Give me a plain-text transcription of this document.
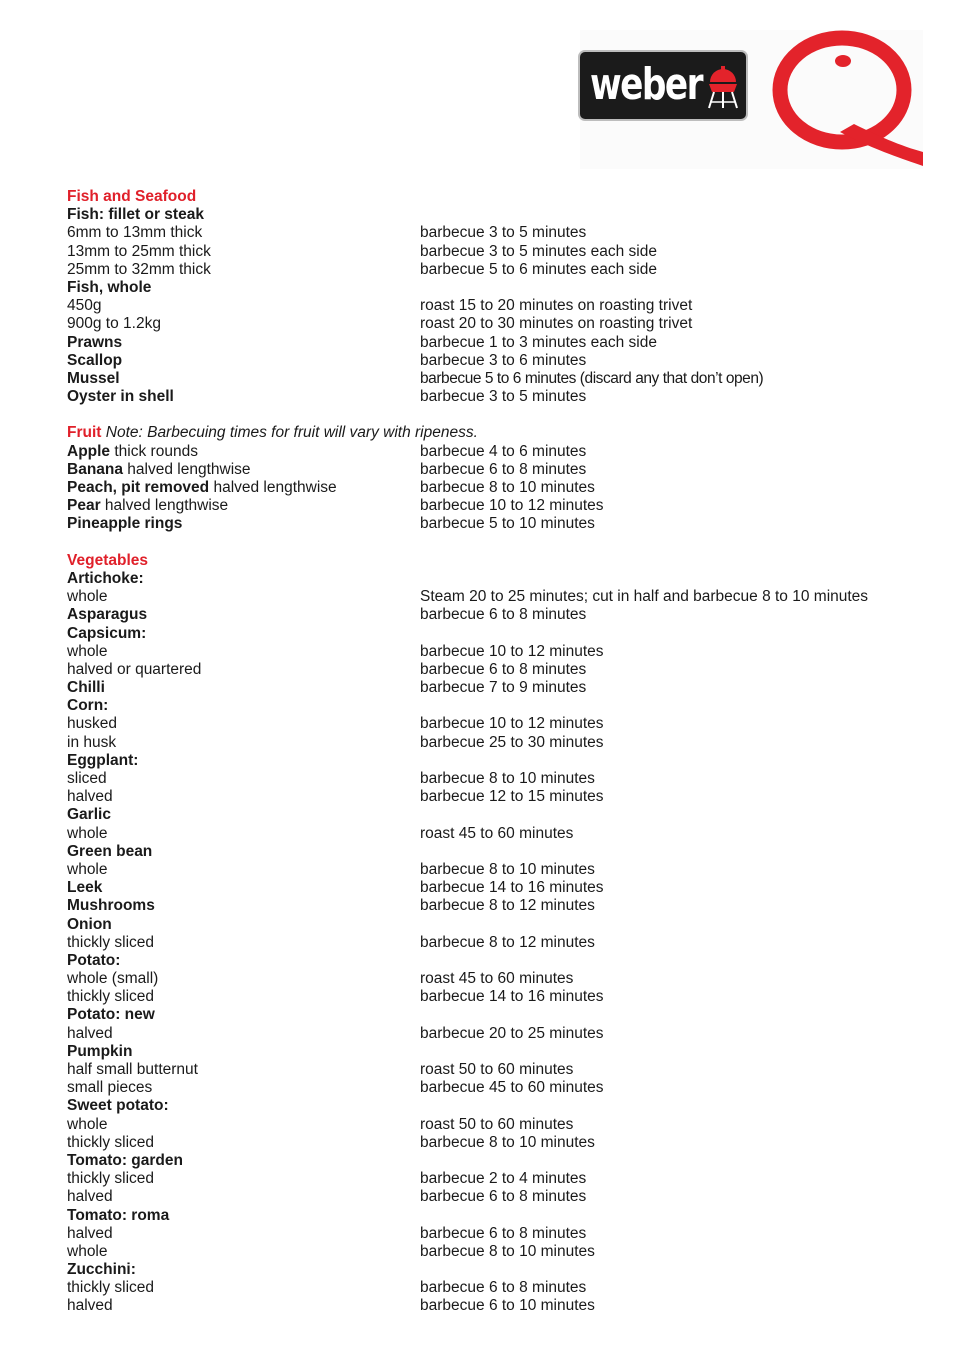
weber
Fish and Seafood
Fish: fillet or steak
6mm to 13mm thick	barbecue 3 to 5 minutes
13mm to 25mm thick	barbecue 3 to 5 minutes each side
25mm to 32mm thick	barbecue 5 to 6 minutes each side
Fish, whole
450g	roast 15 to 20 minutes on roasting trivet
900g to 1.2kg	roast 20 to 30 minutes on roasting trivet
Prawns	barbecue 1 to 3 minutes each side
Scallop	barbecue 3 to 6 minutes
Mussel	barbecue 5 to 6 minutes (discard any that don’t open)
Oyster in shell	barbecue 3 to 5 minutes
Fruit
Note: Barbecuing times for fruit will vary with ripeness.
Apple thick rounds	barbecue 4 to 6 minutes
Banana halved lengthwise	barbecue 6 to 8 minutes
Peach, pit removed halved lengthwise	barbecue 8 to 10 minutes
Pear halved lengthwise	barbecue 10 to 12 minutes
Pineapple rings	barbecue 5 to 10 minutes
Vegetables
Artichoke:
whole	Steam 20 to 25 minutes; cut in half and barbecue 8 to 10 minutes
Asparagus	barbecue 6 to 8 minutes
Capsicum:
whole	barbecue 10 to 12 minutes
halved or quartered	barbecue 6 to 8 minutes
Chilli	barbecue 7 to 9 minutes
Corn:
husked	barbecue 10 to 12 minutes
in husk	barbecue 25 to 30 minutes
Eggplant:
sliced	barbecue 8 to 10 minutes
halved	barbecue 12 to 15 minutes
Garlic
whole	roast 45 to 60 minutes
Green bean
whole	barbecue 8 to 10 minutes
Leek	barbecue 14 to 16 minutes
Mushrooms	barbecue 8 to 12 minutes
Onion
thickly sliced	barbecue 8 to 12 minutes
Potato:
whole (small)	roast 45 to 60 minutes
thickly sliced	barbecue 14 to 16 minutes
Potato: new
halved	barbecue 20 to 25 minutes
Pumpkin
half small butternut	roast 50 to 60 minutes
small pieces	barbecue 45 to 60 minutes
Sweet potato:
whole	roast 50 to 60 minutes
thickly sliced	barbecue 8 to 10 minutes
Tomato: garden
thickly sliced	barbecue 2 to 4 minutes
halved	barbecue 6 to 8 minutes
Tomato: roma
halved	barbecue 6 to 8 minutes
whole	barbecue 8 to 10 minutes
Zucchini:
thickly sliced	barbecue 6 to 8 minutes
halved	barbecue 6 to 10 minutes
